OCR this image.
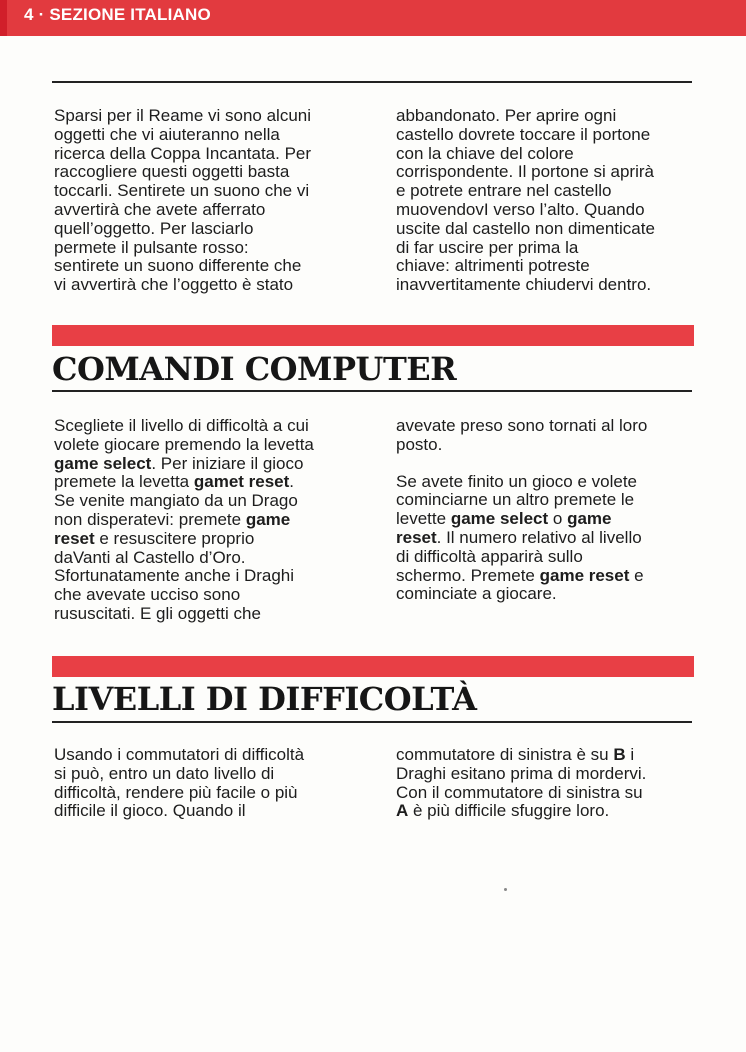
4 · SEZIONE ITALIANO
Sparsi per il Reame vi sono alcuni
oggetti che vi aiuteranno nella
ricerca della Coppa Incantata. Per
raccogliere questi oggetti basta
toccarli. Sentirete un suono che vi
avvertirà che avete afferrato
quell’oggetto. Per lasciarlo
permete il pulsante rosso:
sentirete un suono differente che
vi avvertirà che l’oggetto è stato
abbandonato. Per aprire ogni
castello dovrete toccare il portone
con la chiave del colore
corrispondente. Il portone si aprirà
e potrete entrare nel castello
muovendovI verso l’alto. Quando
uscite dal castello non dimenticate
di far uscire per prima la
chiave: altrimenti potreste
inavvertitamente chiudervi dentro.
COMANDI COMPUTER
Scegliete il livello di difficoltà a cui
volete giocare premendo la levetta
game select. Per iniziare il gioco
premete la levetta gamet reset.
Se venite mangiato da un Drago
non disperatevi: premete game
reset e resuscitere proprio
daVanti al Castello d’Oro.
Sfortunatamente anche i Draghi
che avevate ucciso sono
rususcitati. E gli oggetti che
avevate preso sono tornati al loro
posto.
Se avete finito un gioco e volete
cominciarne un altro premete le
levette game select o game
reset. Il numero relativo al livello
di difficoltà apparirà sullo
schermo. Premete game reset e
cominciate a giocare.
LIVELLI DI DIFFICOLTÀ
Usando i commutatori di difficoltà
si può, entro un dato livello di
difficoltà, rendere più facile o più
difficile il gioco. Quando il
commutatore di sinistra è su B i
Draghi esitano prima di mordervi.
Con il commutatore di sinistra su
A è più difficile sfuggire loro.
